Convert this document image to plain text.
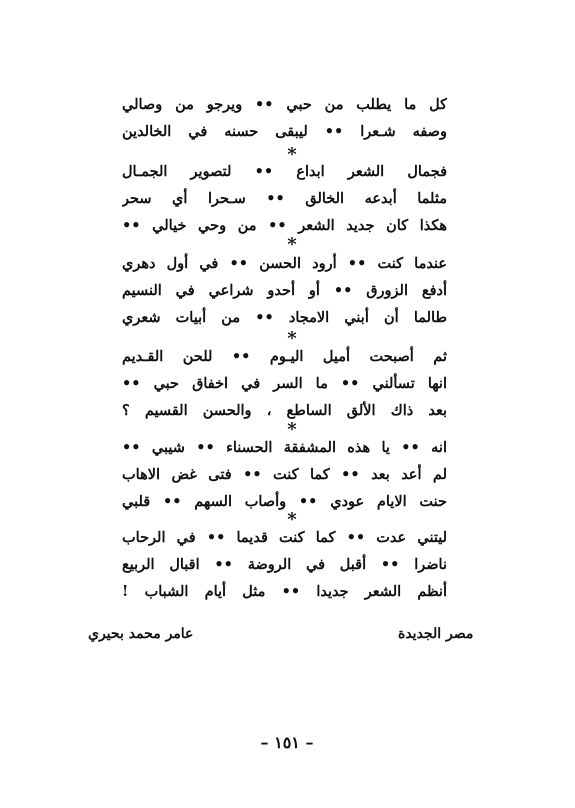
كل ما يطلب من حبي •• ويرجو من وصالي
وصفه شـعرا •• ليبقى حسنه في الخالدين
*
فجمال الشعر ابداع •• لتصوير الجمـال
مثلما أبدعه الخالق •• سـحرا أي سحر
هكذا كان جديد الشعر •• من وحي خيالي ••
*
عندما كنت •• أرود الحسن •• في أول دهري
أدفع الزورق •• أو أحدو شراعي في النسيم
طالما أن أبني الامجاد •• من أبيات شعري
*
ثم أصبحت أميل اليـوم •• للحن القـديم
انها تسألني •• ما السر في اخفاق حبي ••
بعد ذاك الألق الساطع ، والحسن القسيم ؟
*
انه •• يا هذه المشفقة الحسناء •• شيبي ••
لم أعد بعد •• كما كنت •• فتى غض الاهاب
حنت الايام عودي •• وأصاب السهم •• قلبي
*
ليتني عدت •• كما كنت قديما •• في الرحاب
ناضرا •• أقبل في الروضة •• اقبال الربيع
أنظم الشعر جديدا •• مثل أيام الشباب !
عامر محمد بحيري	مصر الجديدة
– ١٥١ –
